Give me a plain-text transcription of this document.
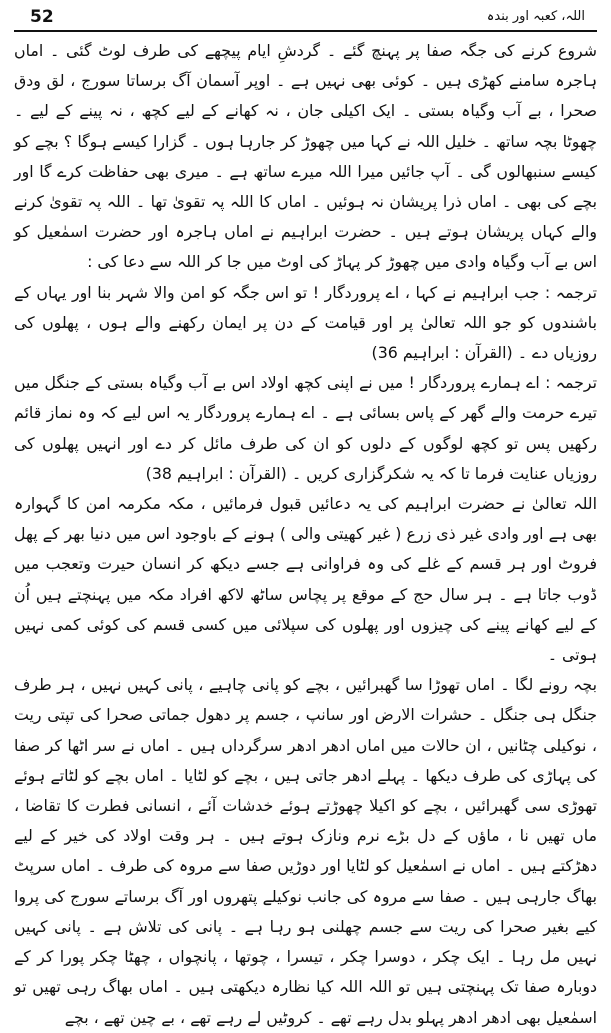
52	اللہ، کعبہ اور بندہ

شروع کرنے کی جگہ صفا پر پہنچ گئے ۔ گردشِ ایام پیچھے کی طرف لوٹ گئی ۔ اماں ہاجرہ سامنے کھڑی ہیں ۔ کوئی بھی نہیں ہے ۔ اوپر آسمان آگ برساتا سورج ، لق ودق صحرا ، بے آب وگیاہ بستی ۔ ایک اکیلی جان ، نہ کھانے کے لیے کچھ ، نہ پینے کے لیے ۔ چھوٹا بچہ ساتھ ۔ خلیل اللہ نے کہا میں چھوڑ کر جارہا ہوں ۔ گزارا کیسے ہوگا ؟ بچے کو کیسے سنبھالوں گی ۔ آپ جائیں میرا اللہ میرے ساتھ ہے ۔ میری بھی حفاظت کرے گا اور بچے کی بھی ۔ اماں ذرا پریشان نہ ہوئیں ۔ اماں کا اللہ پہ تقویٰ تھا ۔ اللہ پہ تقویٰ کرنے والے کہاں پریشان ہوتے ہیں ۔ حضرت ابراہیم نے اماں ہاجرہ اور حضرت اسمٰعیل کو اس بے آب وگیاہ وادی میں چھوڑ کر پہاڑ کی اوٹ میں جا کر اللہ سے دعا کی :

ترجمہ : جب ابراہیم نے کہا ، اے پروردگار ! تو اس جگہ کو امن والا شہر بنا اور یہاں کے باشندوں کو جو اللہ تعالیٰ پر اور قیامت کے دن پر ایمان رکھنے والے ہوں ، پھلوں کی روزیاں دے ۔ (القرآن : ابراہیم 36)

ترجمہ : اے ہمارے پروردگار ! میں نے اپنی کچھ اولاد اس بے آب وگیاہ بستی کے جنگل میں تیرے حرمت والے گھر کے پاس بسائی ہے ۔ اے ہمارے پروردگار یہ اس لیے کہ وہ نماز قائم رکھیں پس تو کچھ لوگوں کے دلوں کو ان کی طرف مائل کر دے اور انہیں پھلوں کی روزیاں عنایت فرما تا کہ یہ شکرگزاری کریں ۔ (القرآن : ابراہیم 38)

اللہ تعالیٰ نے حضرت ابراہیم کی یہ دعائیں قبول فرمائیں ، مکہ مکرمہ امن کا گہوارہ بھی ہے اور وادی غیر ذی زرع ( غیر کھیتی والی ) ہونے کے باوجود اس میں دنیا بھر کے پھل فروٹ اور ہر قسم کے غلے کی وہ فراوانی ہے جسے دیکھ کر انسان حیرت وتعجب میں ڈوب جاتا ہے ۔ ہر سال حج کے موقع پر پچاس ساٹھ لاکھ افراد مکہ میں پہنچتے ہیں اُن کے لیے کھانے پینے کی چیزوں اور پھلوں کی سپلائی میں کسی قسم کی کوئی کمی نہیں ہوتی ۔

بچہ رونے لگا ۔ اماں تھوڑا سا گھبرائیں ، بچے کو پانی چاہیے ، پانی کہیں نہیں ، ہر طرف جنگل ہی جنگل ۔ حشرات الارض اور سانپ ، جسم پر دھول جماتی صحرا کی تپتی ریت ، نوکیلی چٹانیں ، ان حالات میں اماں ادھر ادھر سرگرداں ہیں ۔ اماں نے سر اٹھا کر صفا کی پہاڑی کی طرف دیکھا ۔ پہلے ادھر جاتی ہیں ، بچے کو لٹایا ۔ اماں بچے کو لٹاتے ہوئے تھوڑی سی گھبرائیں ، بچے کو اکیلا چھوڑتے ہوئے خدشات آئے ، انسانی فطرت کا تقاضا ، ماں تھیں نا ، ماؤں کے دل بڑے نرم ونازک ہوتے ہیں ۔ ہر وقت اولاد کی خیر کے لیے دھڑکتے ہیں ۔ اماں نے اسمٰعیل کو لٹایا اور دوڑیں صفا سے مروہ کی طرف ۔ اماں سرپٹ بھاگ جارہی ہیں ۔ صفا سے مروہ کی جانب نوکیلے پتھروں اور آگ برساتے سورج کی پروا کیے بغیر صحرا کی ریت سے جسم چھلنی ہو رہا ہے ۔ پانی کی تلاش ہے ۔ پانی کہیں نہیں مل رہا ۔ ایک چکر ، دوسرا چکر ، تیسرا ، چوتھا ، پانچواں ، چھٹا چکر پورا کر کے دوبارہ صفا تک پہنچتی ہیں تو اللہ اللہ کیا نظارہ دیکھتی ہیں ۔ اماں بھاگ رہی تھیں تو اسمٰعیل بھی ادھر ادھر پہلو بدل رہے تھے ۔ کروٹیں لے رہے تھے ، بے چین تھے ، بچے
